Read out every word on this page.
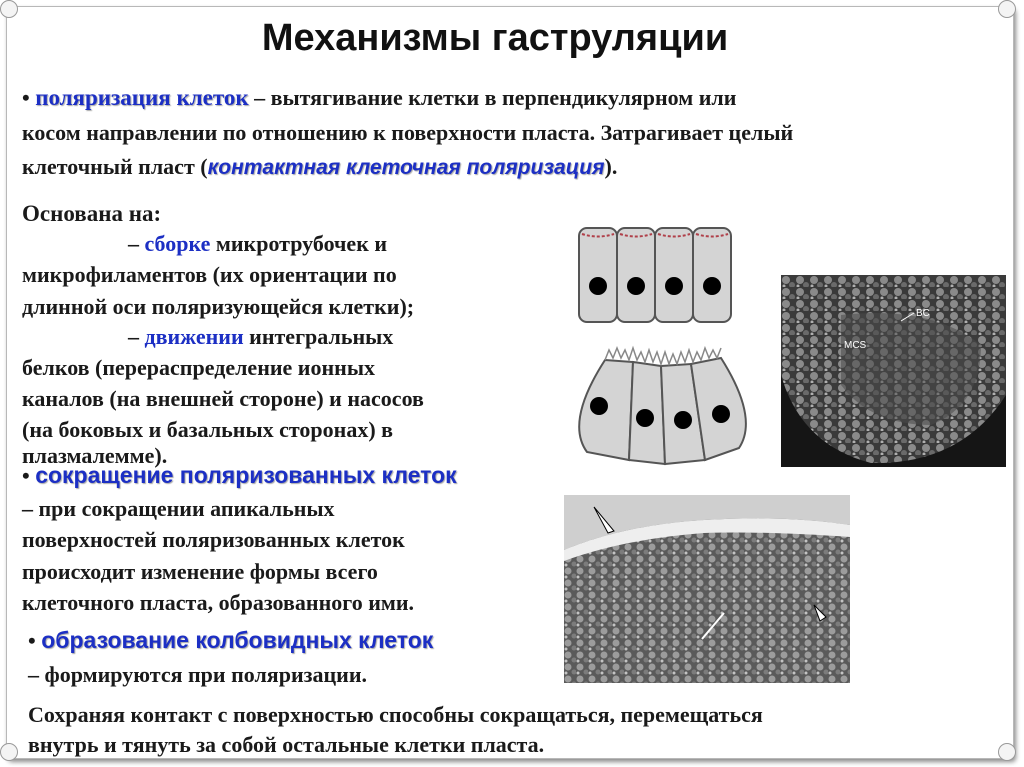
Механизмы гаструляции
• поляризация клеток – вытягивание клетки в перпендикулярном или
косом направлении по отношению к поверхности пласта. Затрагивает целый
клеточный пласт (контактная клеточная поляризация).
Основана на:
– сборке микротрубочек и
микрофиламентов (их ориентации по
длинной оси поляризующейся клетки);
– движении интегральных
белков (перераспределение ионных
каналов (на внешней стороне) и насосов
(на боковых и базальных сторонах) в
плазмалемме).
• сокращение поляризованных клеток
– при сокращении апикальных
поверхностей поляризованных клеток
происходит изменение формы всего
клеточного пласта, образованного ими.
• образование колбовидных клеток
– формируются при поляризации.
Сохраняя контакт с поверхностью способны сокращаться, перемещаться
внутрь и тянуть за собой остальные клетки пласта.
BC
MCS
